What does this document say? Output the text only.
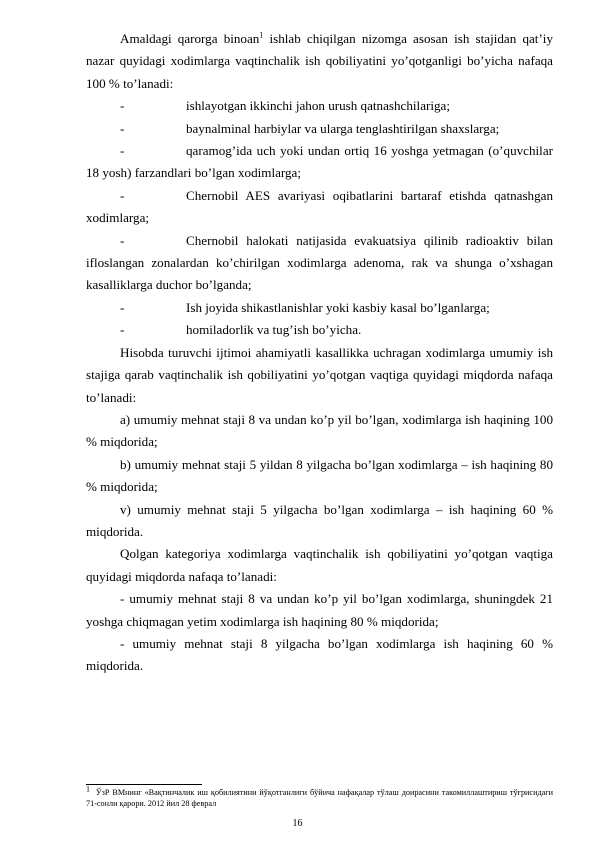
Amaldagi qarorga binoan$^1$ ishlab chiqilgan nizomga asosan ish stajidan qat’iy nazar quyidagi xodimlarga vaqtinchalik ish qobiliyatini yo’qotganligi bo’yicha nafaqa 100 % to’lanadi:

-	ishlayotgan ikkinchi jahon urush qatnashchilariga;
-	baynalminal harbiylar va ularga tenglashtirilgan shaxslarga;
-	qaramog’ida uch yoki undan ortiq 16 yoshga yetmagan (o’quvchilar 18 yosh) farzandlari bo’lgan xodimlarga;
-	Chernobil AES avariyasi oqibatlarini bartaraf etishda qatnashgan xodimlarga;
-	Chernobil halokati natijasida evakuatsiya qilinib radioaktiv bilan ifloslangan zonalardan ko’chirilgan xodimlarga adenoma, rak va shunga o’xshagan kasalliklarga duchor bo’lganda;
-	Ish joyida shikastlanishlar yoki kasbiy kasal bo’lganlarga;
-	homiladorlik va tug’ish bo’yicha.

Hisobda turuvchi ijtimoi ahamiyatli kasallikka uchragan xodimlarga umumiy ish stajiga qarab vaqtinchalik ish qobiliyatini yo’qotgan vaqtiga quyidagi miqdorda nafaqa to’lanadi:

a) umumiy mehnat staji 8 va undan ko’p yil bo’lgan, xodimlarga ish haqining 100 % miqdorida;

b) umumiy mehnat staji 5 yildan 8 yilgacha bo’lgan xodimlarga – ish haqining 80 % miqdorida;

v) umumiy mehnat staji 5 yilgacha bo’lgan xodimlarga – ish haqining 60 % miqdorida.

Qolgan kategoriya xodimlarga vaqtinchalik ish qobiliyatini yo’qotgan vaqtiga quyidagi miqdorda nafaqa to’lanadi:

- umumiy mehnat staji 8 va undan ko’p yil bo’lgan xodimlarga, shuningdek 21 yoshga chiqmagan yetim xodimlarga ish haqining 80 % miqdorida;

- umumiy mehnat staji 8 yilgacha bo’lgan xodimlarga ish haqining 60 % miqdorida.

$^1$ ЎзР ВМнинг «Вақтинчалик иш қобилиятини йўқотганлиги бўйича нафақалар тўлаш доирасини такомиллаштириш тўғрисидаги 71-сонли қарори. 2012 йил 28 феврал
16
